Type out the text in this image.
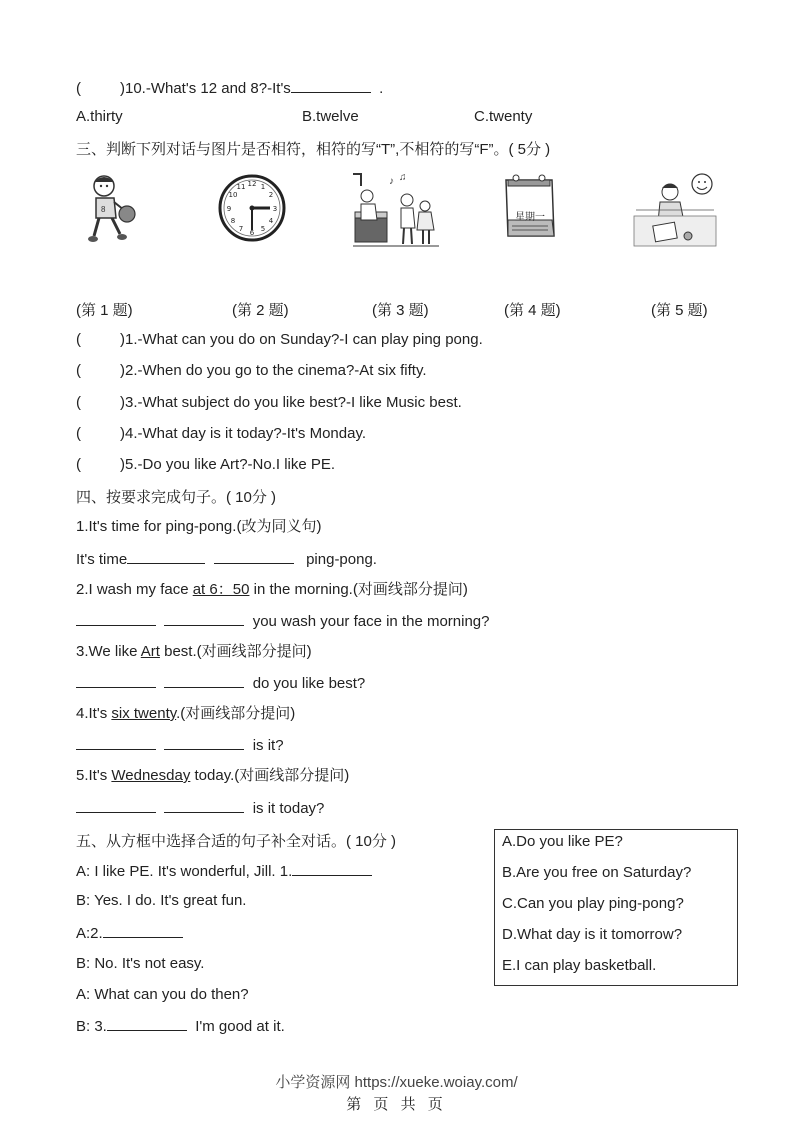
(	)10.-What's 12 and 8?-It's	.
A.thirty	B.twelve	C.twenty
三、判断下列对话与图片是否相符，相符的写“T”,不相符的写“F”。( 5分 )
8
12 1
2
3
4
5
6
7
8
9
10
11	♪ ♫
星期一
(第 1 题)	(第 2 题)	(第 3 题)	(第 4 题)	(第 5 题)
(	)1.-What can you do on Sunday?-I can play ping pong.
(	)2.-When do you go to the cinema?-At six fifty.
(	)3.-What subject do you like best?-I like Music best.
(	)4.-What day is it today?-It's Monday.
(	)5.-Do you like Art?-No.I like PE.
四、按要求完成句子。( 10分 )
1.It's time for ping-pong.(改为同义句)
It's time	ping-pong.
2.I wash my face at 6：50 in the morning.(对画线部分提问)
you wash your face in the morning?
3.We like Art best.(对画线部分提问)
do you like best?
4.It's six twenty.(对画线部分提问)
is it?
5.It's Wednesday today.(对画线部分提问)
is it today?
五、从方框中选择合适的句子补全对话。( 10分 )
A: I like PE. It's wonderful, Jill. 1.
B: Yes. I do. It's great fun.
A:2.
B: No. It's not easy.
A: What can you do then?
B: 3.	I'm good at it.
A.Do you like PE?
B.Are you free on Saturday?
C.Can you play ping-pong?
D.What day is it tomorrow?
E.I can play basketball.
小学资源网 https://xueke.woiay.com/
第 页 共 页
